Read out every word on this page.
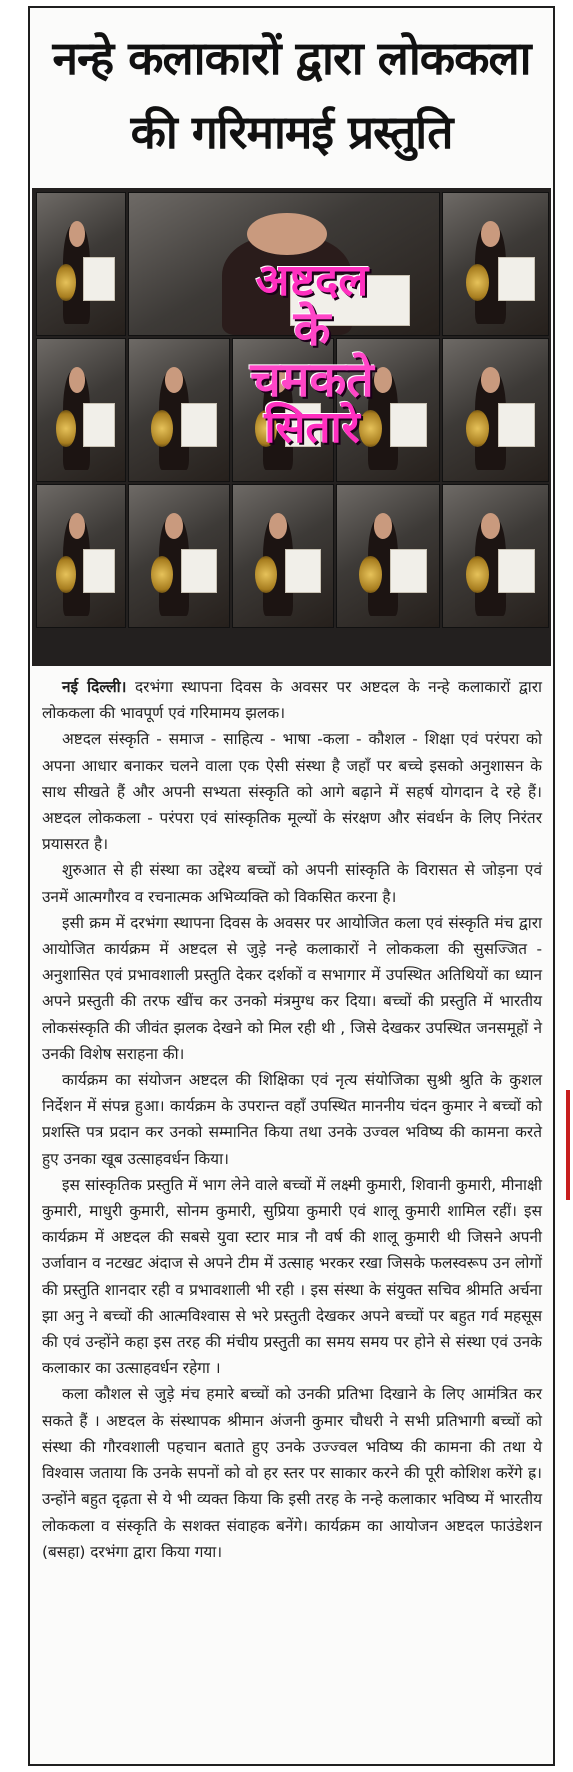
नन्हे कलाकारों द्वारा लोककला
की गरिमामई प्रस्तुति
अष्टदल
के
चमकते
सितारे

नई दिल्ली। दरभंगा स्थापना दिवस के अवसर पर अष्टदल के नन्हे कलाकारों द्वारा लोककला की भावपूर्ण एवं गरिमामय झलक।

अष्टदल संस्कृति - समाज - साहित्य - भाषा -कला - कौशल - शिक्षा एवं परंपरा को अपना आधार बनाकर चलने वाला एक ऐसी संस्था है जहाँ पर बच्चे इसको अनुशासन के साथ सीखते हैं और अपनी सभ्यता संस्कृति को आगे बढ़ाने में सहर्ष योगदान दे रहे हैं। अष्टदल लोककला - परंपरा एवं सांस्कृतिक मूल्यों के संरक्षण और संवर्धन के लिए निरंतर प्रयासरत है।

शुरुआत से ही संस्था का उद्देश्य बच्चों को अपनी सांस्कृति के विरासत से जोड़ना एवं उनमें आत्मगौरव व रचनात्मक अभिव्यक्ति को विकसित करना है।

इसी क्रम में दरभंगा स्थापना दिवस के अवसर पर आयोजित कला एवं संस्कृति मंच द्वारा आयोजित कार्यक्रम में अष्टदल से जुड़े नन्हे कलाकारों ने लोककला की सुसज्जित - अनुशासित एवं प्रभावशाली प्रस्तुति देकर दर्शकों व सभागार में उपस्थित अतिथियों का ध्यान अपने प्रस्तुती की तरफ खींच कर उनको मंत्रमुग्ध कर दिया। बच्चों की प्रस्तुति में भारतीय लोकसंस्कृति की जीवंत झलक देखने को मिल रही थी , जिसे देखकर उपस्थित जनसमूहों ने उनकी विशेष सराहना की।

कार्यक्रम का संयोजन अष्टदल की शिक्षिका एवं नृत्य संयोजिका सुश्री श्रुति के कुशल निर्देशन में संपन्न हुआ। कार्यक्रम के उपरान्त वहाँ उपस्थित माननीय चंदन कुमार ने बच्चों को प्रशस्ति पत्र प्रदान कर उनको सम्मानित किया तथा उनके उज्वल भविष्य की कामना करते हुए उनका खूब उत्साहवर्धन किया।

इस सांस्कृतिक प्रस्तुति में भाग लेने वाले बच्चों में लक्ष्मी कुमारी, शिवानी कुमारी, मीनाक्षी कुमारी, माधुरी कुमारी, सोनम कुमारी, सुप्रिया कुमारी एवं शालू कुमारी शामिल रहीं। इस कार्यक्रम में अष्टदल की सबसे युवा स्टार मात्र नौ वर्ष की शालू कुमारी थी जिसने अपनी उर्जावान व नटखट अंदाज से अपने टीम में उत्साह भरकर रखा जिसके फलस्वरूप उन लोगों की प्रस्तुति शानदार रही व प्रभावशाली भी रही । इस संस्था के संयुक्त सचिव श्रीमति अर्चना झा अनु ने बच्चों की आत्मविश्वास से भरे प्रस्तुती देखकर अपने बच्चों पर बहुत गर्व महसूस की एवं उन्होंने कहा इस तरह की मंचीय प्रस्तुती का समय समय पर होने से संस्था एवं उनके कलाकार का उत्साहवर्धन रहेगा ।

कला कौशल से जुड़े मंच हमारे बच्चों को उनकी प्रतिभा दिखाने के लिए आमंत्रित कर सकते हैं । अष्टदल के संस्थापक श्रीमान अंजनी कुमार चौधरी ने सभी प्रतिभागी बच्चों को संस्था की गौरवशाली पहचान बताते हुए उनके उज्ज्वल भविष्य की कामना की तथा ये विश्वास जताया कि उनके सपनों को वो हर स्तर पर साकार करने की पूरी कोशिश करेंगे ह्र। उन्होंने बहुत दृढ़ता से ये भी व्यक्त किया कि इसी तरह के नन्हे कलाकार भविष्य में भारतीय लोककला व संस्कृति के सशक्त संवाहक बनेंगे। कार्यक्रम का आयोजन अष्टदल फाउंडेशन (बसहा) दरभंगा द्वारा किया गया।
